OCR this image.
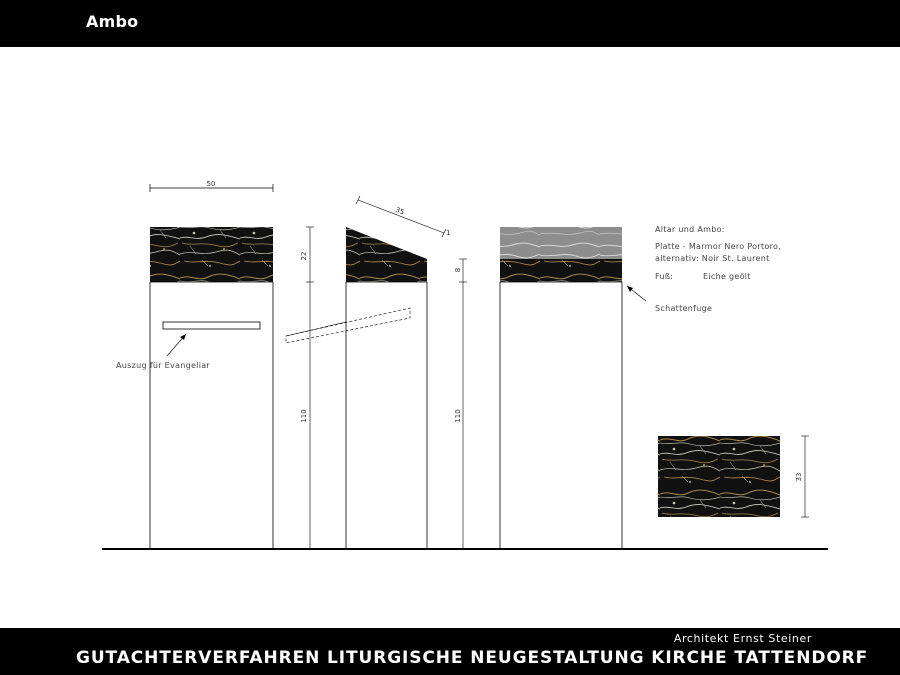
Ambo
50
Auszug für Evangeliar
22
110
35
1
8
110
Schattenfuge
Altar und Ambo:
Platte - Marmor Nero Portoro,
alternativ: Noir St. Laurent
Fuß:	Eiche geölt
33
Architekt Ernst Steiner
GUTACHTERVERFAHREN LITURGISCHE NEUGESTALTUNG KIRCHE TATTENDORF
